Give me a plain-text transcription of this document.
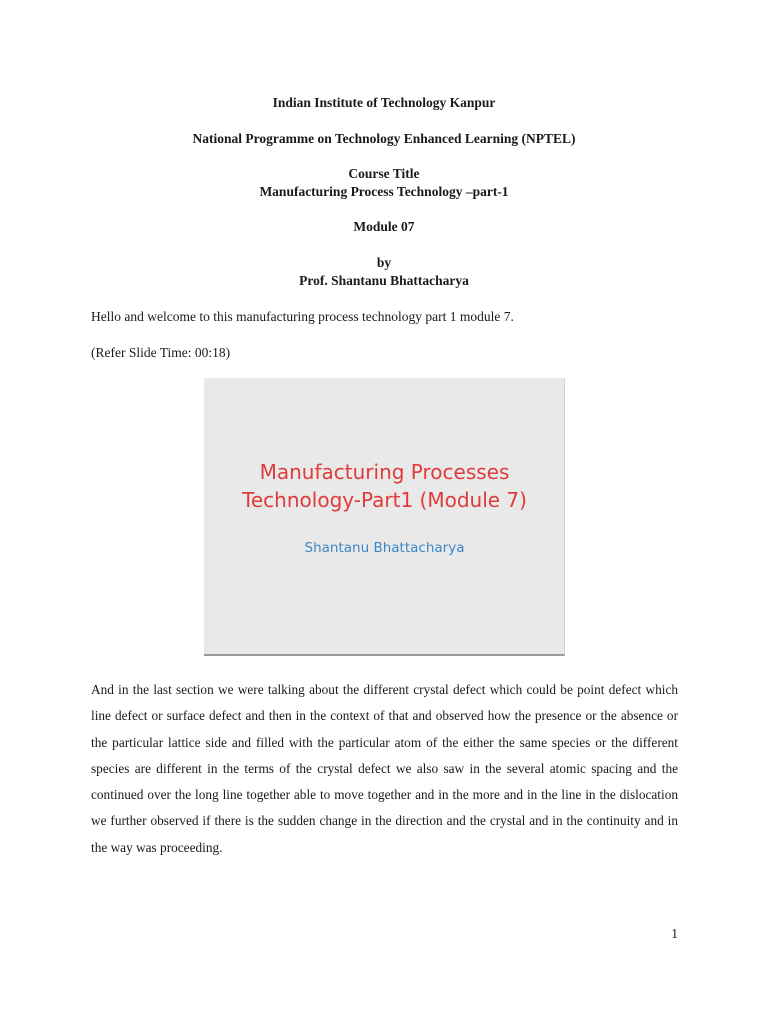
Indian Institute of Technology Kanpur
National Programme on Technology Enhanced Learning (NPTEL)
Course Title
Manufacturing Process Technology –part-1
Module 07
by
Prof. Shantanu Bhattacharya
Hello and welcome to this manufacturing process technology part 1 module 7.
(Refer Slide Time: 00:18)
Manufacturing Processes
Technology-Part1 (Module 7)
Shantanu Bhattacharya

And in the last section we were talking about the different crystal defect which could be point defect which line defect or surface defect and then in the context of that and observed how the presence or the absence or the particular lattice side and filled with the particular atom of the either the same species or the different species are different in the terms of the crystal defect we also saw in the several atomic spacing and the continued over the long line together able to move together and in the more and in the line in the dislocation we further observed if there is the sudden change in the direction and the crystal and in the continuity and in the way was proceeding.

1
